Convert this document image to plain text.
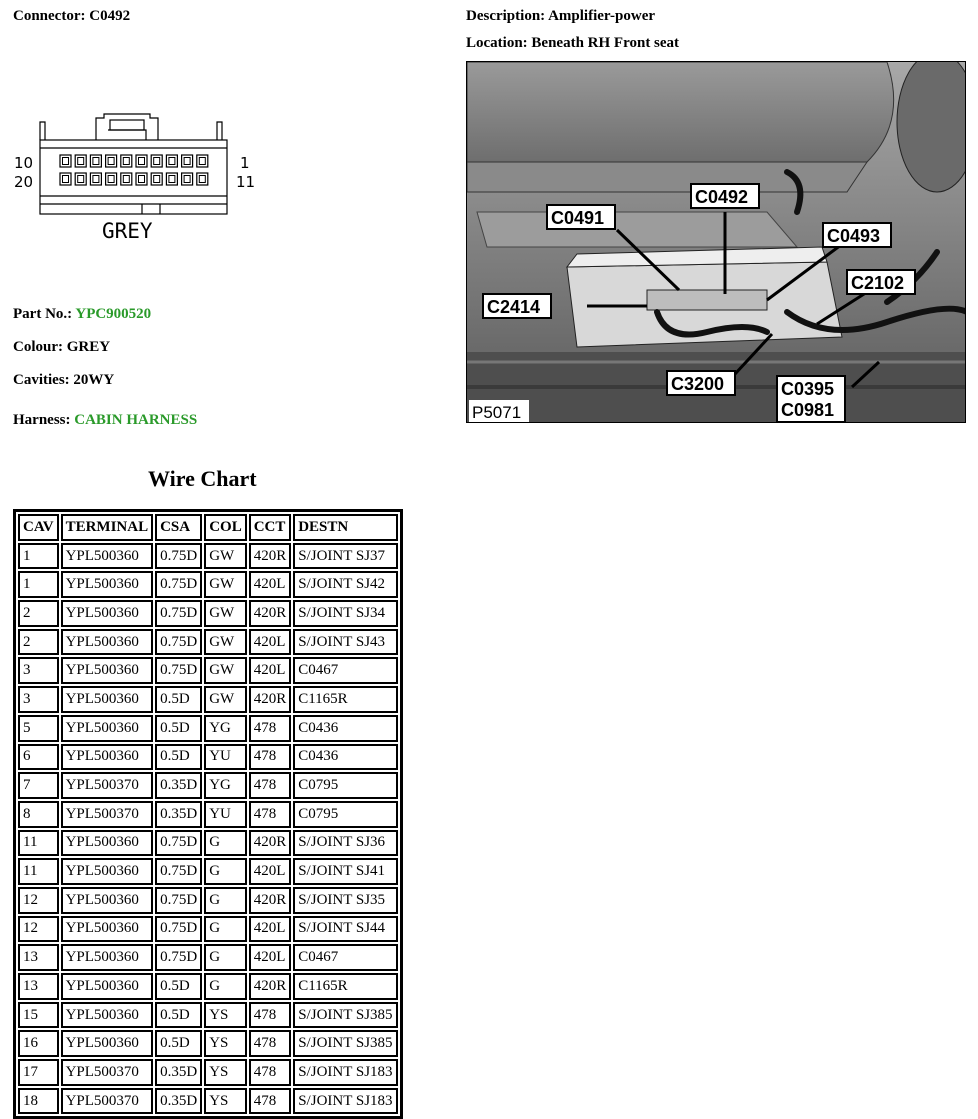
Connector: C0492	Description: Amplifier-power
Location: Beneath RH Front seat
10
20
1
11
GREY
C0492
C0491
C0493
C2102
C2414
C3200	C0395
C0981
P5071
Part No.: YPC900520
Colour: GREY
Cavities: 20WY
Harness: CABIN HARNESS
Wire Chart
CAV	TERMINAL	CSA	COL	CCT	DESTN
1	YPL500360	0.75D	GW	420R	S/JOINT SJ37
1	YPL500360	0.75D	GW	420L	S/JOINT SJ42
2	YPL500360	0.75D	GW	420R	S/JOINT SJ34
2	YPL500360	0.75D	GW	420L	S/JOINT SJ43
3	YPL500360	0.75D	GW	420L	C0467
3	YPL500360	0.5D	GW	420R	C1165R
5	YPL500360	0.5D	YG	478	C0436
6	YPL500360	0.5D	YU	478	C0436
7	YPL500370	0.35D	YG	478	C0795
8	YPL500370	0.35D	YU	478	C0795
11	YPL500360	0.75D	G	420R	S/JOINT SJ36
11	YPL500360	0.75D	G	420L	S/JOINT SJ41
12	YPL500360	0.75D	G	420R	S/JOINT SJ35
12	YPL500360	0.75D	G	420L	S/JOINT SJ44
13	YPL500360	0.75D	G	420L	C0467
13	YPL500360	0.5D	G	420R	C1165R
15	YPL500360	0.5D	YS	478	S/JOINT SJ385
16	YPL500360	0.5D	YS	478	S/JOINT SJ385
17	YPL500370	0.35D	YS	478	S/JOINT SJ183
18	YPL500370	0.35D	YS	478	S/JOINT SJ183
